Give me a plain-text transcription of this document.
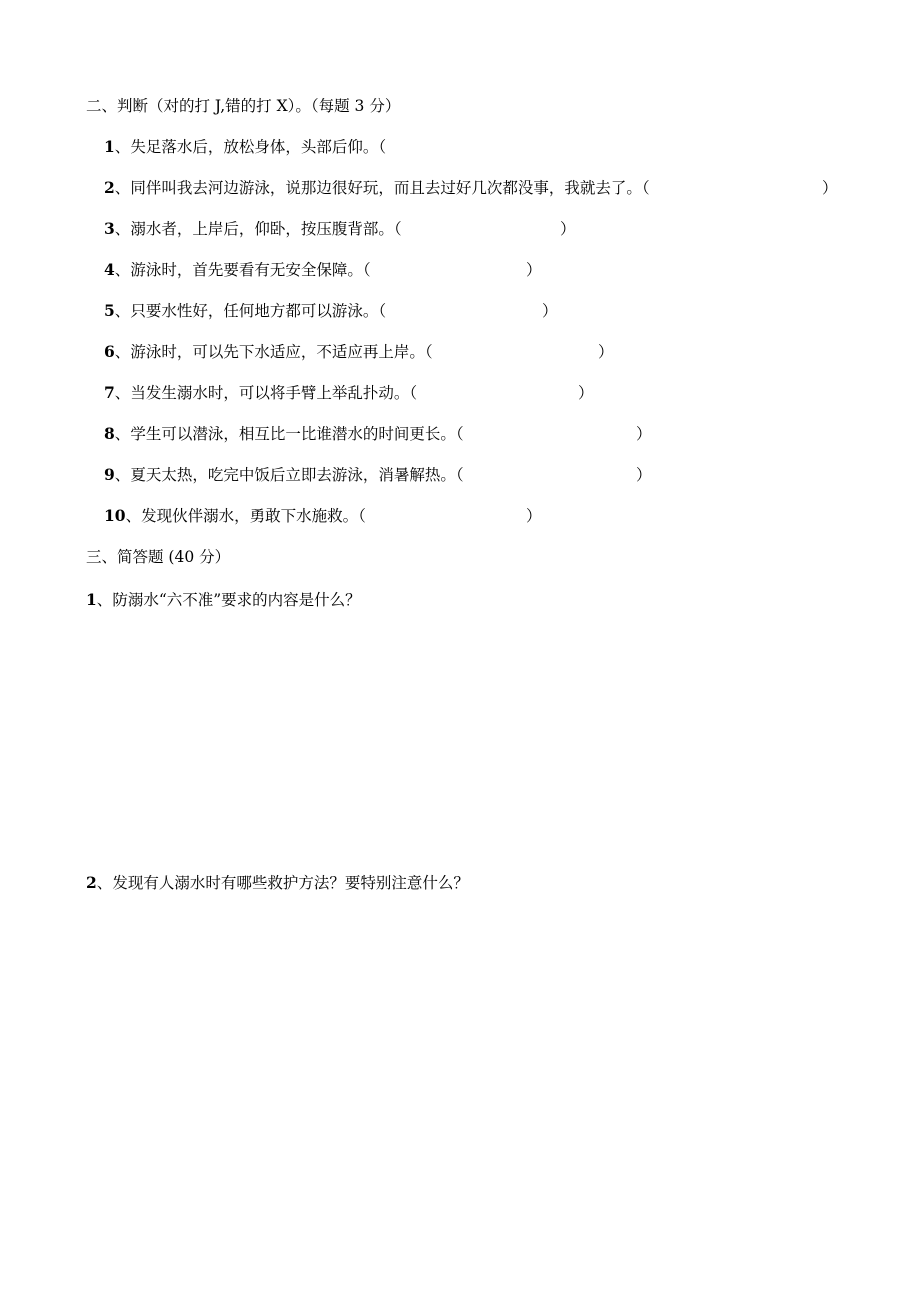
二、判断（对的打 J,错的打 X）。（每题 3 分）
1、失足落水后，放松身体，头部后仰。（
2、同伴叫我去河边游泳，说那边很好玩，而且去过好几次都没事，我就去了。（	）
3、溺水者，上岸后，仰卧，按压腹背部。（	）
4、游泳时，首先要看有无安全保障。（	）
5、只要水性好，任何地方都可以游泳。（	）
6、游泳时，可以先下水适应，不适应再上岸。（	）
7、当发生溺水时，可以将手臂上举乱扑动。（	）
8、学生可以潜泳，相互比一比谁潜水的时间更长。（	）
9、夏天太热，吃完中饭后立即去游泳，消暑解热。（	）
10、发现伙伴溺水，勇敢下水施救。（	）
三、简答题 (40 分）
1、防溺水“六不准”要求的内容是什么？
2、发现有人溺水时有哪些救护方法？要特别注意什么？
